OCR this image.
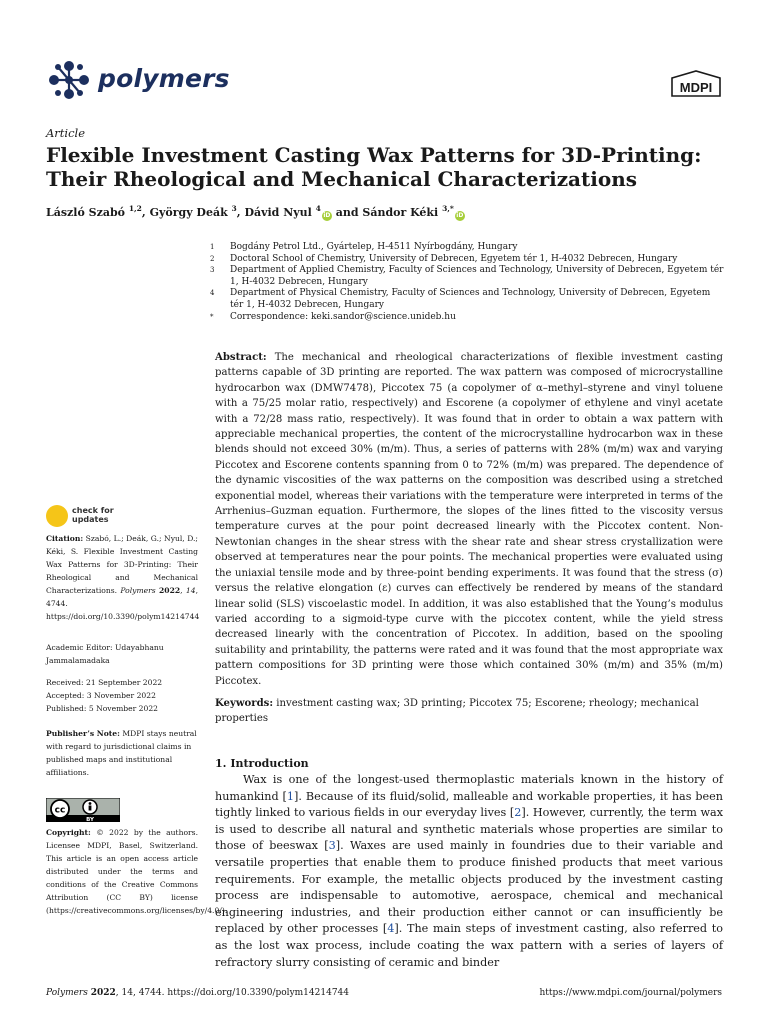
polymers	MDPI
Article
Flexible Investment Casting Wax Patterns for 3D-Printing: Their Rheological and Mechanical Characterizations
László Szabó $^{1,2}$, György Deák $^3$, Dávid Nyul $^4$iD and Sándor Kéki $^{3,*}$iD
1	Bogdány Petrol Ltd., Gyártelep, H-4511 Nyírbogdány, Hungary
2	Doctoral School of Chemistry, University of Debrecen, Egyetem tér 1, H-4032 Debrecen, Hungary
3	Department of Applied Chemistry, Faculty of Sciences and Technology, University of Debrecen, Egyetem tér 1, H-4032 Debrecen, Hungary
4	Department of Physical Chemistry, Faculty of Sciences and Technology, University of Debrecen, Egyetem tér 1, H-4032 Debrecen, Hungary
*	Correspondence: keki.sandor@science.unideb.hu
Abstract: The mechanical and rheological characterizations of flexible investment casting patterns capable of 3D printing are reported. The wax pattern was composed of microcrystalline hydrocarbon wax (DMW7478), Piccotex 75 (a copolymer of α–methyl–styrene and vinyl toluene with a 75/25 molar ratio, respectively) and Escorene (a copolymer of ethylene and vinyl acetate with a 72/28 mass ratio, respectively). It was found that in order to obtain a wax pattern with appreciable mechanical properties, the content of the microcrystalline hydrocarbon wax in these blends should not exceed 30% (m/m). Thus, a series of patterns with 28% (m/m) wax and varying Piccotex and Escorene contents spanning from 0 to 72% (m/m) was prepared. The dependence of the dynamic viscosities of the wax patterns on the composition was described using a stretched exponential model, whereas their variations with the temperature were interpreted in terms of the Arrhenius–Guzman equation. Furthermore, the slopes of the lines fitted to the viscosity versus temperature curves at the pour point decreased linearly with the Piccotex content. Non-Newtonian changes in the shear stress with the shear rate and shear stress crystallization were observed at temperatures near the pour points. The mechanical properties were evaluated using the uniaxial tensile mode and by three-point bending experiments. It was found that the stress (σ) versus the relative elongation (ε) curves can effectively be rendered by means of the standard linear solid (SLS) viscoelastic model. In addition, it was also established that the Young’s modulus varied according to a sigmoid-type curve with the piccotex content, while the yield stress decreased linearly with the concentration of Piccotex. In addition, based on the spooling suitability and printability, the patterns were rated and it was found that the most appropriate wax pattern compositions for 3D printing were those which contained 30% (m/m) and 35% (m/m) Piccotex.
Keywords: investment casting wax; 3D printing; Piccotex 75; Escorene; rheology; mechanical properties
1. Introduction
Wax is one of the longest-used thermoplastic materials known in the history of humankind [1]. Because of its fluid/solid, malleable and workable properties, it has been tightly linked to various fields in our everyday lives [2]. However, currently, the term wax is used to describe all natural and synthetic materials whose properties are similar to those of beeswax [3]. Waxes are used mainly in foundries due to their variable and versatile properties that enable them to produce finished products that meet various requirements. For example, the metallic objects produced by the investment casting process are indispensable to automotive, aerospace, chemical and mechanical engineering industries, and their production either cannot or can insufficiently be replaced by other processes [4]. The main steps of investment casting, also referred to as the lost wax process, include coating the wax pattern with a series of layers of refractory slurry consisting of ceramic and binder
check for
updates
Citation: Szabó, L.; Deák, G.; Nyul, D.; Kéki, S. Flexible Investment Casting Wax Patterns for 3D-Printing: Their Rheological and Mechanical Characterizations. Polymers 2022, 14, 4744. https://doi.org/10.3390/polym14214744
Academic Editor: Udayabhanu Jammalamadaka
Received: 21 September 2022
Accepted: 3 November 2022
Published: 5 November 2022
Publisher’s Note: MDPI stays neutral with regard to jurisdictional claims in published maps and institutional affiliations.
cc
BY
Copyright: © 2022 by the authors. Licensee MDPI, Basel, Switzerland. This article is an open access article distributed under the terms and conditions of the Creative Commons Attribution (CC BY) license (https://creativecommons.org/licenses/by/4.0/).
Polymers 2022, 14, 4744. https://doi.org/10.3390/polym14214744	https://www.mdpi.com/journal/polymers
